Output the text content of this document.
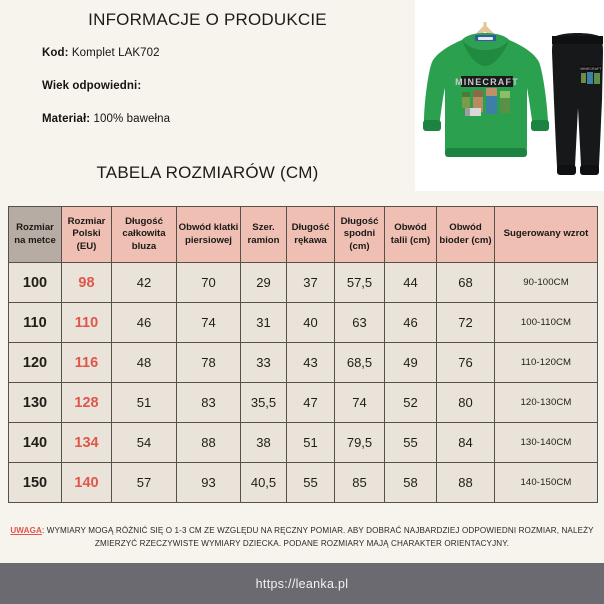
INFORMACJE O PRODUKCIE
Kod: Komplet LAK702
Wiek odpowiedni:
Materiał: 100% bawełna
TABELA ROZMIARÓW (CM)
MINECRAFT
MINECRAFT
Rozmiar na metce	Rozmiar Polski (EU)	Długość całkowita bluza	Obwód klatki piersiowej	Szer. ramion	Długość rękawa	Długość spodni (cm)	Obwód talii (cm)	Obwód bioder (cm)	Sugerowany wzrot
100	98	42	70	29	37	57,5	44	68	90-100CM
110	110	46	74	31	40	63	46	72	100-110CM
120	116	48	78	33	43	68,5	49	76	110-120CM
130	128	51	83	35,5	47	74	52	80	120-130CM
140	134	54	88	38	51	79,5	55	84	130-140CM
150	140	57	93	40,5	55	85	58	88	140-150CM
UWAGA: WYMIARY MOGĄ RÓŻNIĆ SIĘ O 1-3 CM ZE WZGLĘDU NA RĘCZNY POMIAR. ABY DOBRAĆ NAJBARDZIEJ ODPOWIEDNI ROZMIAR, NALEŻY ZMIERZYĆ RZECZYWISTE WYMIARY DZIECKA. PODANE ROZMIARY MAJĄ CHARAKTER ORIENTACYJNY.
https://leanka.pl
